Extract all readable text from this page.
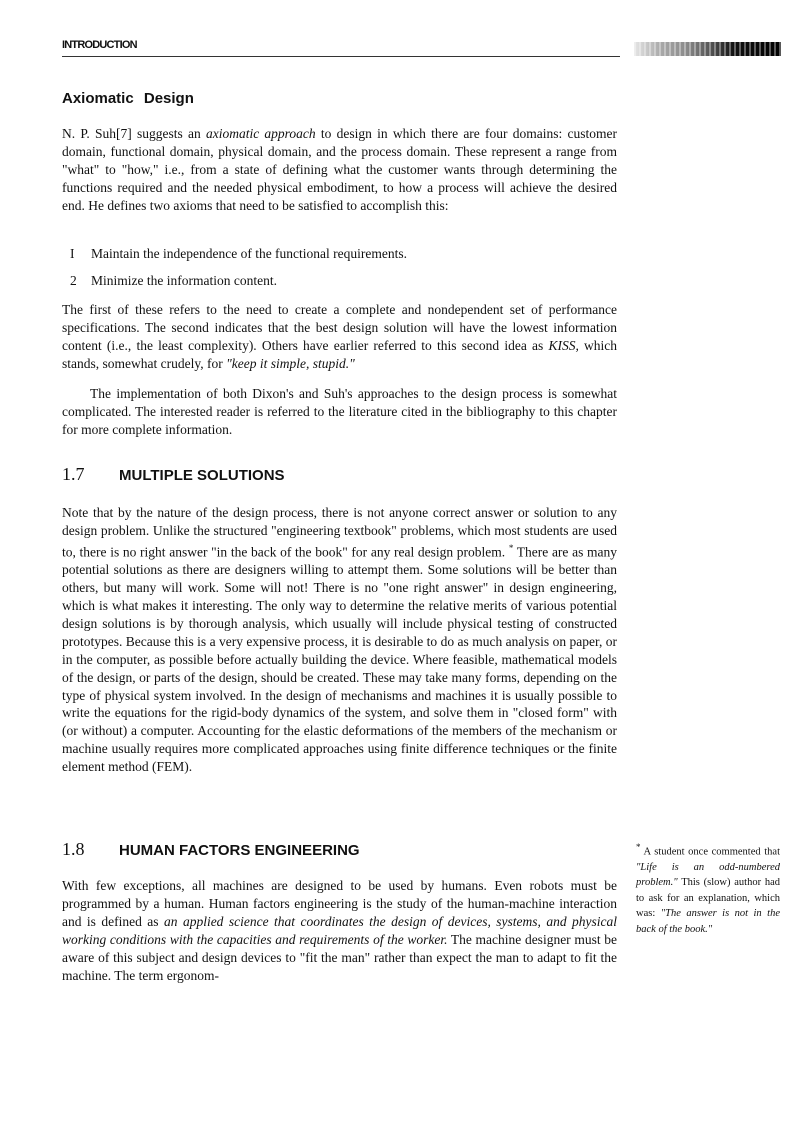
INTRODUCTION
Axiomatic Design

N. P. Suh[7] suggests an axiomatic approach to design in which there are four domains: customer domain, functional domain, physical domain, and the process domain. These represent a range from "what" to "how," i.e., from a state of defining what the customer wants through determining the functions required and the needed physical embodiment, to how a process will achieve the desired end. He defines two axioms that need to be satisfied to accomplish this:

I Maintain the independence of the functional requirements.
2 Minimize the information content.

The first of these refers to the need to create a complete and nondependent set of performance specifications. The second indicates that the best design solution will have the lowest information content (i.e., the least complexity). Others have earlier referred to this second idea as KISS, which stands, somewhat crudely, for "keep it simple, stupid."

The implementation of both Dixon's and Suh's approaches to the design process is somewhat complicated. The interested reader is referred to the literature cited in the bibliography to this chapter for more complete information.

1.7	MULTIPLE SOLUTIONS

Note that by the nature of the design process, there is not anyone correct answer or solution to any design problem. Unlike the structured "engineering textbook" problems, which most students are used to, there is no right answer "in the back of the book" for any real design problem. * There are as many potential solutions as there are designers willing to attempt them. Some solutions will be better than others, but many will work. Some will not! There is no "one right answer" in design engineering, which is what makes it interesting. The only way to determine the relative merits of various potential design solutions is by thorough analysis, which usually will include physical testing of constructed prototypes. Because this is a very expensive process, it is desirable to do as much analysis on paper, or in the computer, as possible before actually building the device. Where feasible, mathematical models of the design, or parts of the design, should be created. These may take many forms, depending on the type of physical system involved. In the design of mechanisms and machines it is usually possible to write the equations for the rigid-body dynamics of the system, and solve them in "closed form" with (or without) a computer. Accounting for the elastic deformations of the members of the mechanism or machine usually requires more complicated approaches using finite difference techniques or the finite element method (FEM).

1.8	HUMAN FACTORS ENGINEERING

With few exceptions, all machines are designed to be used by humans. Even robots must be programmed by a human. Human factors engineering is the study of the human-machine interaction and is defined as an applied science that coordinates the design of devices, systems, and physical working conditions with the capacities and requirements of the worker. The machine designer must be aware of this subject and design devices to "fit the man" rather than expect the man to adapt to fit the machine. The term ergonom-

* A student once commented that "Life is an odd-numbered problem." This (slow) author had to ask for an explanation, which was: "The answer is not in the back of the book."
